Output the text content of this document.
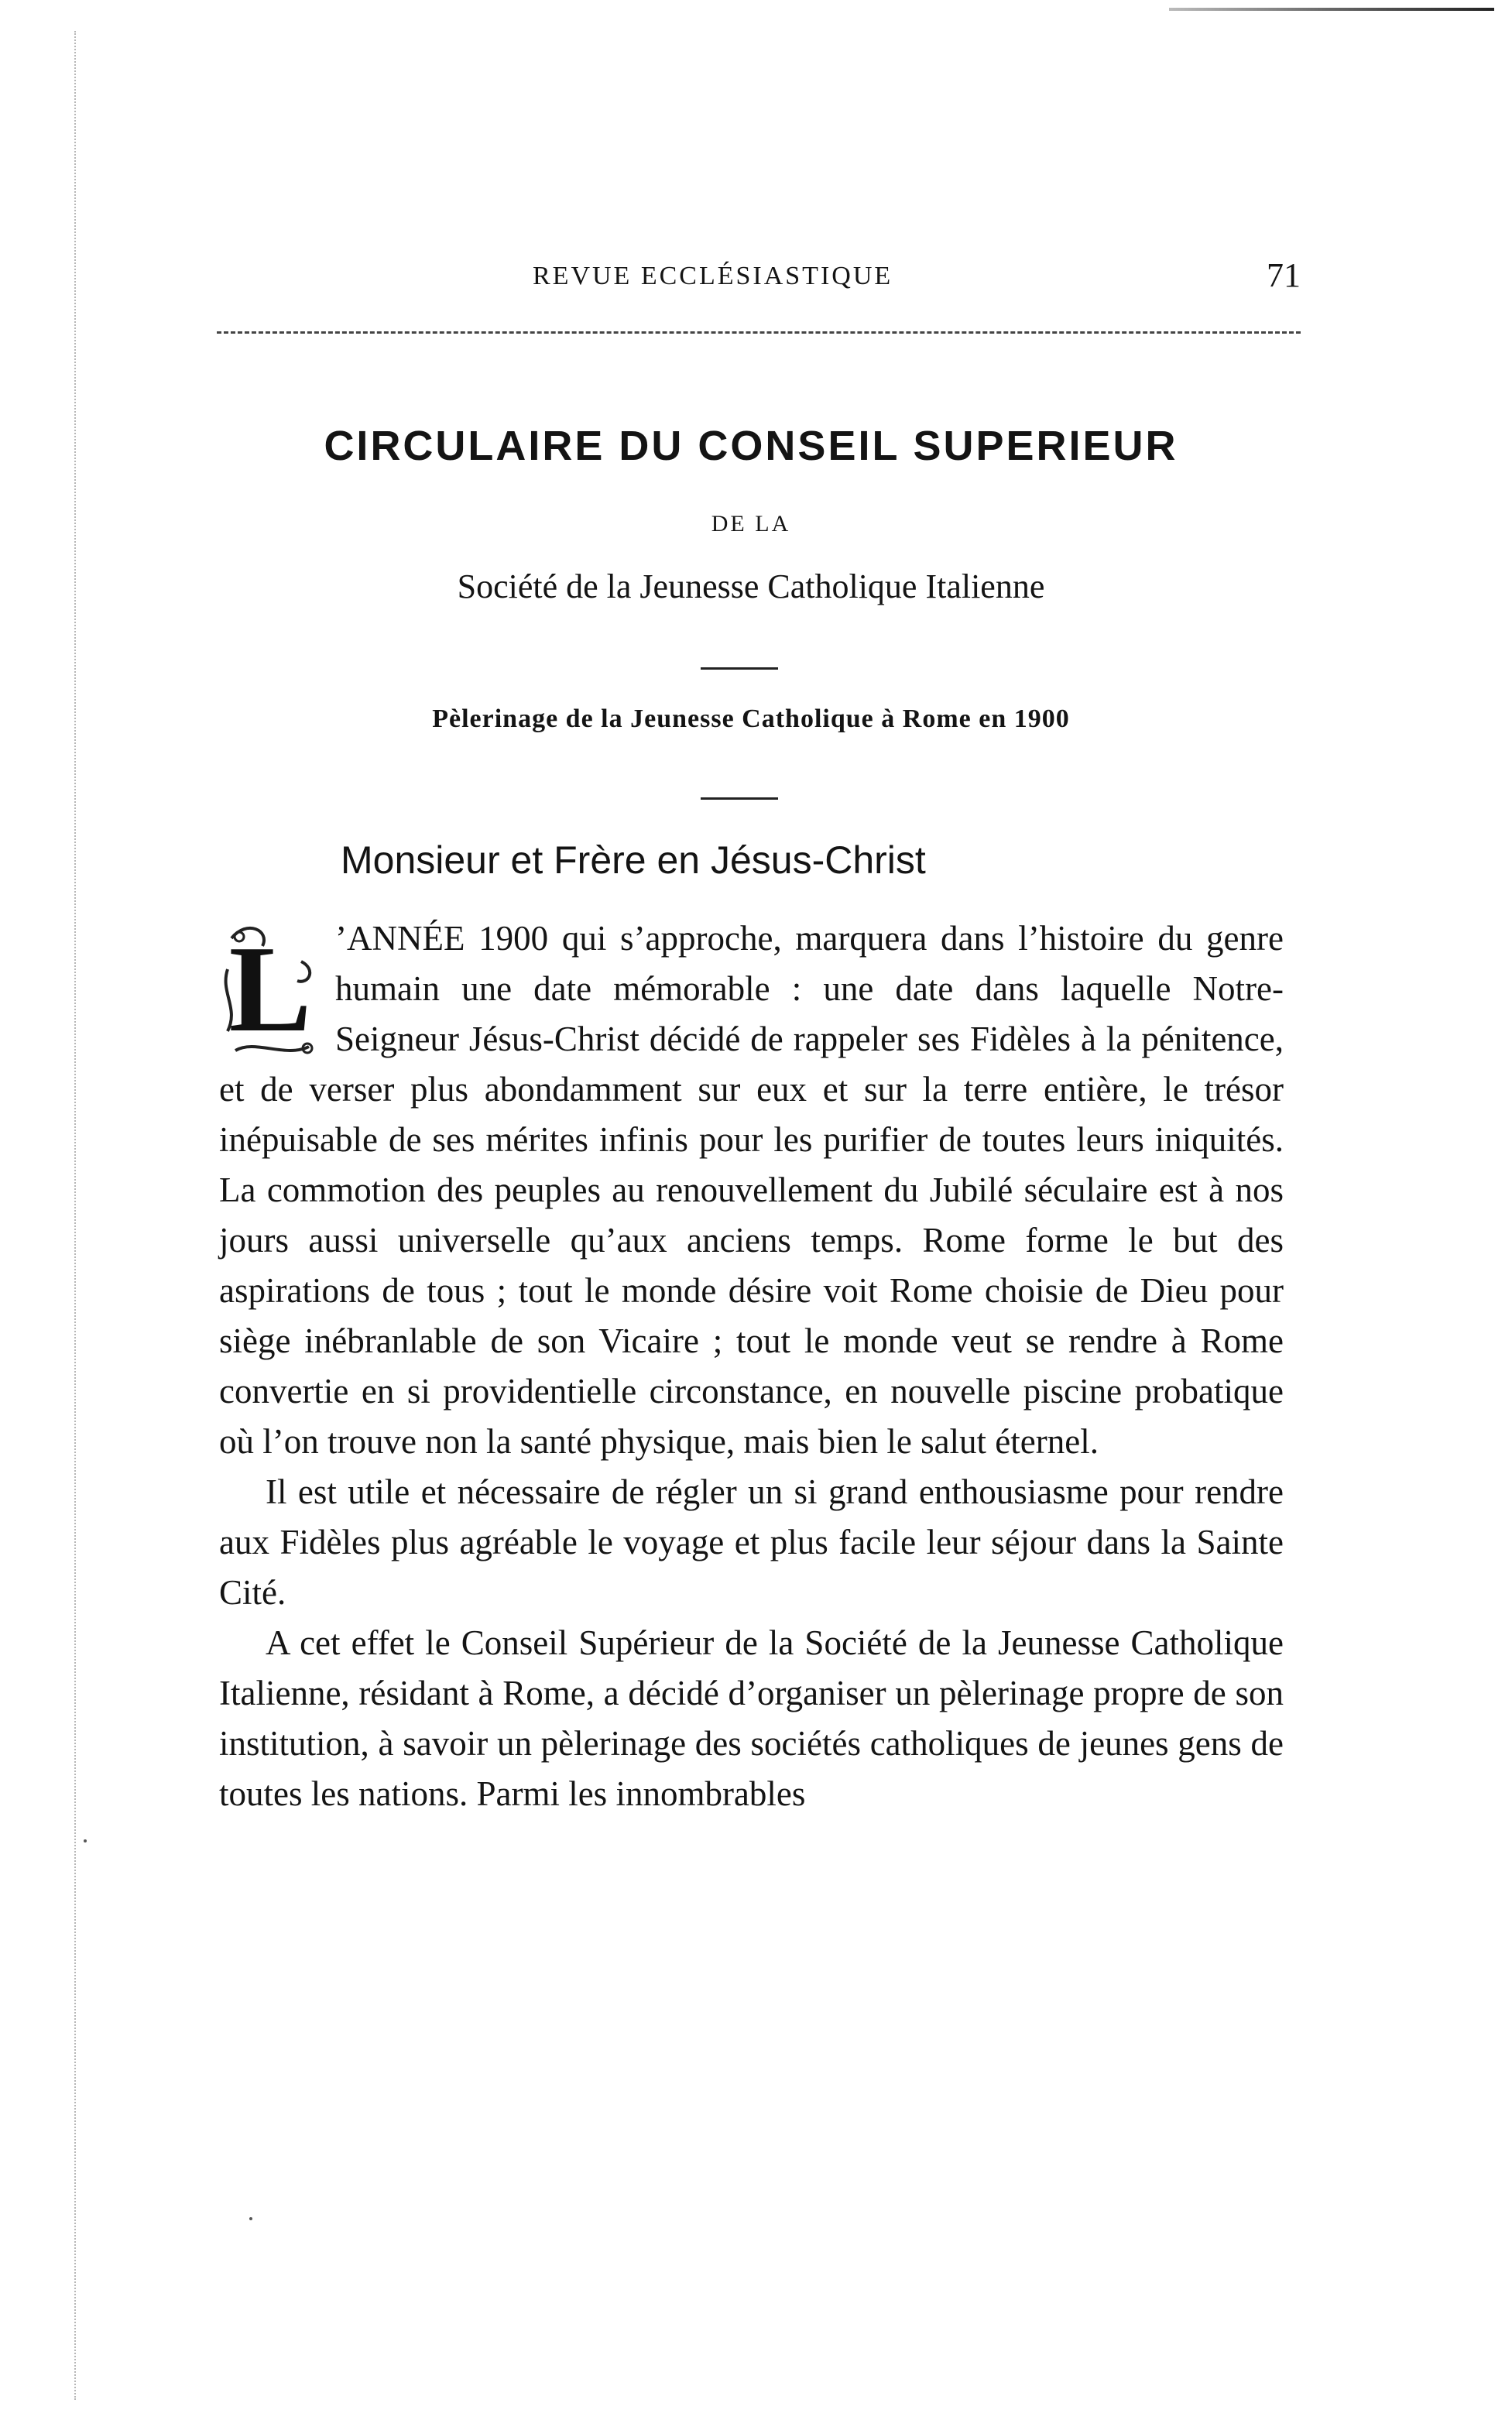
REVUE ECCLÉSIASTIQUE	71
CIRCULAIRE DU CONSEIL SUPERIEUR
DE LA
Société de la Jeunesse Catholique Italienne
Pèlerinage de la Jeunesse Catholique à Rome en 1900
Monsieur et Frère en Jésus-Christ

L ’ANNÉE 1900 qui s’approche, marquera dans l’histoire du genre humain une date mémorable : une date dans laquelle Notre-Seigneur Jésus-Christ décidé de rappeler ses Fidèles à la pénitence, et de verser plus abondamment sur eux et sur la terre entière, le trésor inépuisable de ses mérites infinis pour les purifier de toutes leurs iniquités. La commotion des peuples au renouvellement du Jubilé séculaire est à nos jours aussi universelle qu’aux anciens temps. Rome forme le but des aspirations de tous ; tout le monde désire voit Rome choisie de Dieu pour siège inébranlable de son Vicaire ; tout le monde veut se rendre à Rome convertie en si providentielle circonstance, en nouvelle piscine probatique où l’on trouve non la santé physique, mais bien le salut éternel.

Il est utile et nécessaire de régler un si grand enthousiasme pour rendre aux Fidèles plus agréable le voyage et plus facile leur séjour dans la Sainte Cité.

A cet effet le Conseil Supérieur de la Société de la Jeunesse Catholique Italienne, résidant à Rome, a décidé d’organiser un pèlerinage propre de son institution, à savoir un pèlerinage des sociétés catholiques de jeunes gens de toutes les nations. Parmi les innombrables
